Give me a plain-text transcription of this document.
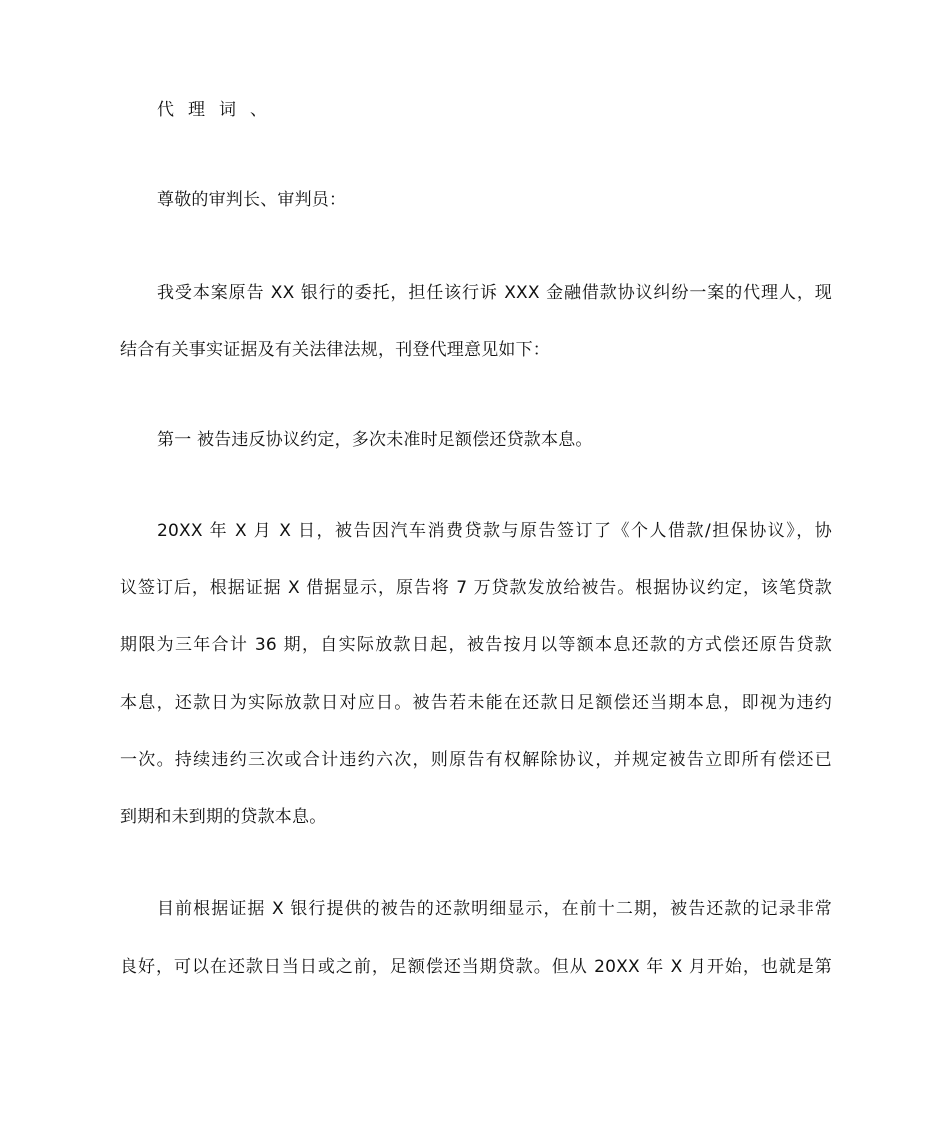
代理词、
尊敬的审判长、审判员：
我受本案原告 XX 银行的委托，担任该行诉 XXX 金融借款协议纠纷一案的代理人，现
结合有关事实证据及有关法律法规，刊登代理意见如下：
第一 被告违反协议约定，多次未准时足额偿还贷款本息。
20XX 年 X 月 X 日，被告因汽车消费贷款与原告签订了《个人借款/担保协议》，协
议签订后，根据证据 X 借据显示，原告将 7 万贷款发放给被告。根据协议约定，该笔贷款
期限为三年合计 36 期，自实际放款日起，被告按月以等额本息还款的方式偿还原告贷款
本息，还款日为实际放款日对应日。被告若未能在还款日足额偿还当期本息，即视为违约
一次。持续违约三次或合计违约六次，则原告有权解除协议，并规定被告立即所有偿还已
到期和未到期的贷款本息。
目前根据证据 X 银行提供的被告的还款明细显示，在前十二期，被告还款的记录非常
良好，可以在还款日当日或之前，足额偿还当期贷款。但从 20XX 年 X 月开始，也就是第
